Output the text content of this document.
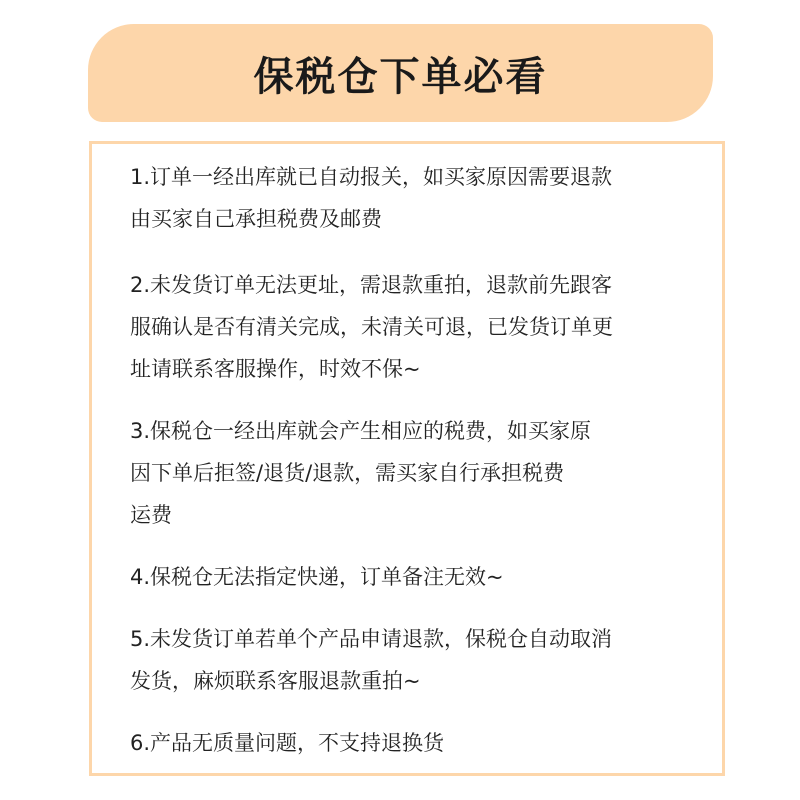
保税仓下单必看
1.订单一经出库就已自动报关，如买家原因需要退款
由买家自己承担税费及邮费
2.未发货订单无法更址，需退款重拍，退款前先跟客
服确认是否有清关完成，未清关可退，已发货订单更
址请联系客服操作，时效不保~
3.保税仓一经出库就会产生相应的税费，如买家原
因下单后拒签/退货/退款，需买家自行承担税费
运费
4.保税仓无法指定快递，订单备注无效~
5.未发货订单若单个产品申请退款，保税仓自动取消
发货，麻烦联系客服退款重拍~
6.产品无质量问题，不支持退换货
